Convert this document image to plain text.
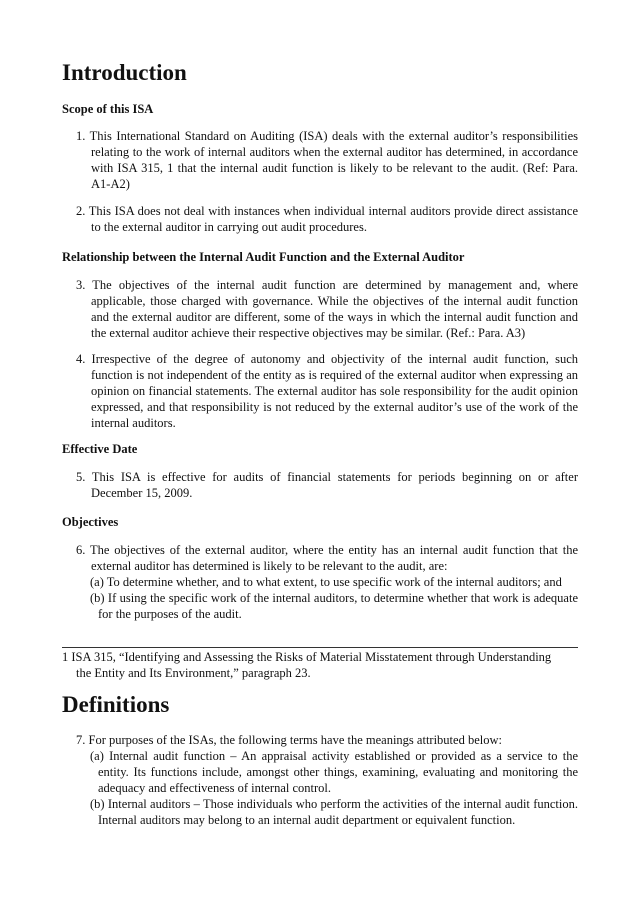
Introduction
Scope of this ISA
1. This International Standard on Auditing (ISA) deals with the external auditor’s responsibilities relating to the work of internal auditors when the external auditor has determined, in accordance with ISA 315, 1 that the internal audit function is likely to be relevant to the audit. (Ref: Para. A1-A2)
2. This ISA does not deal with instances when individual internal auditors provide direct assistance to the external auditor in carrying out audit procedures.
Relationship between the Internal Audit Function and the External Auditor
3. The objectives of the internal audit function are determined by management and, where applicable, those charged with governance. While the objectives of the internal audit function and the external auditor are different, some of the ways in which the internal audit function and the external auditor achieve their respective objectives may be similar. (Ref.: Para. A3)
4. Irrespective of the degree of autonomy and objectivity of the internal audit function, such function is not independent of the entity as is required of the external auditor when expressing an opinion on financial statements. The external auditor has sole responsibility for the audit opinion expressed, and that responsibility is not reduced by the external auditor’s use of the work of the internal auditors.
Effective Date
5. This ISA is effective for audits of financial statements for periods beginning on or after December 15, 2009.
Objectives
6. The objectives of the external auditor, where the entity has an internal audit function that the external auditor has determined is likely to be relevant to the audit, are:
(a) To determine whether, and to what extent, to use specific work of the internal auditors; and
(b) If using the specific work of the internal auditors, to determine whether that work is adequate for the purposes of the audit.
1 ISA 315, “Identifying and Assessing the Risks of Material Misstatement through Understanding
the Entity and Its Environment,” paragraph 23.
Definitions
7. For purposes of the ISAs, the following terms have the meanings attributed below:
(a) Internal audit function – An appraisal activity established or provided as a service to the entity. Its functions include, amongst other things, examining, evaluating and monitoring the adequacy and effectiveness of internal control.
(b) Internal auditors – Those individuals who perform the activities of the internal audit function. Internal auditors may belong to an internal audit department or equivalent function.
